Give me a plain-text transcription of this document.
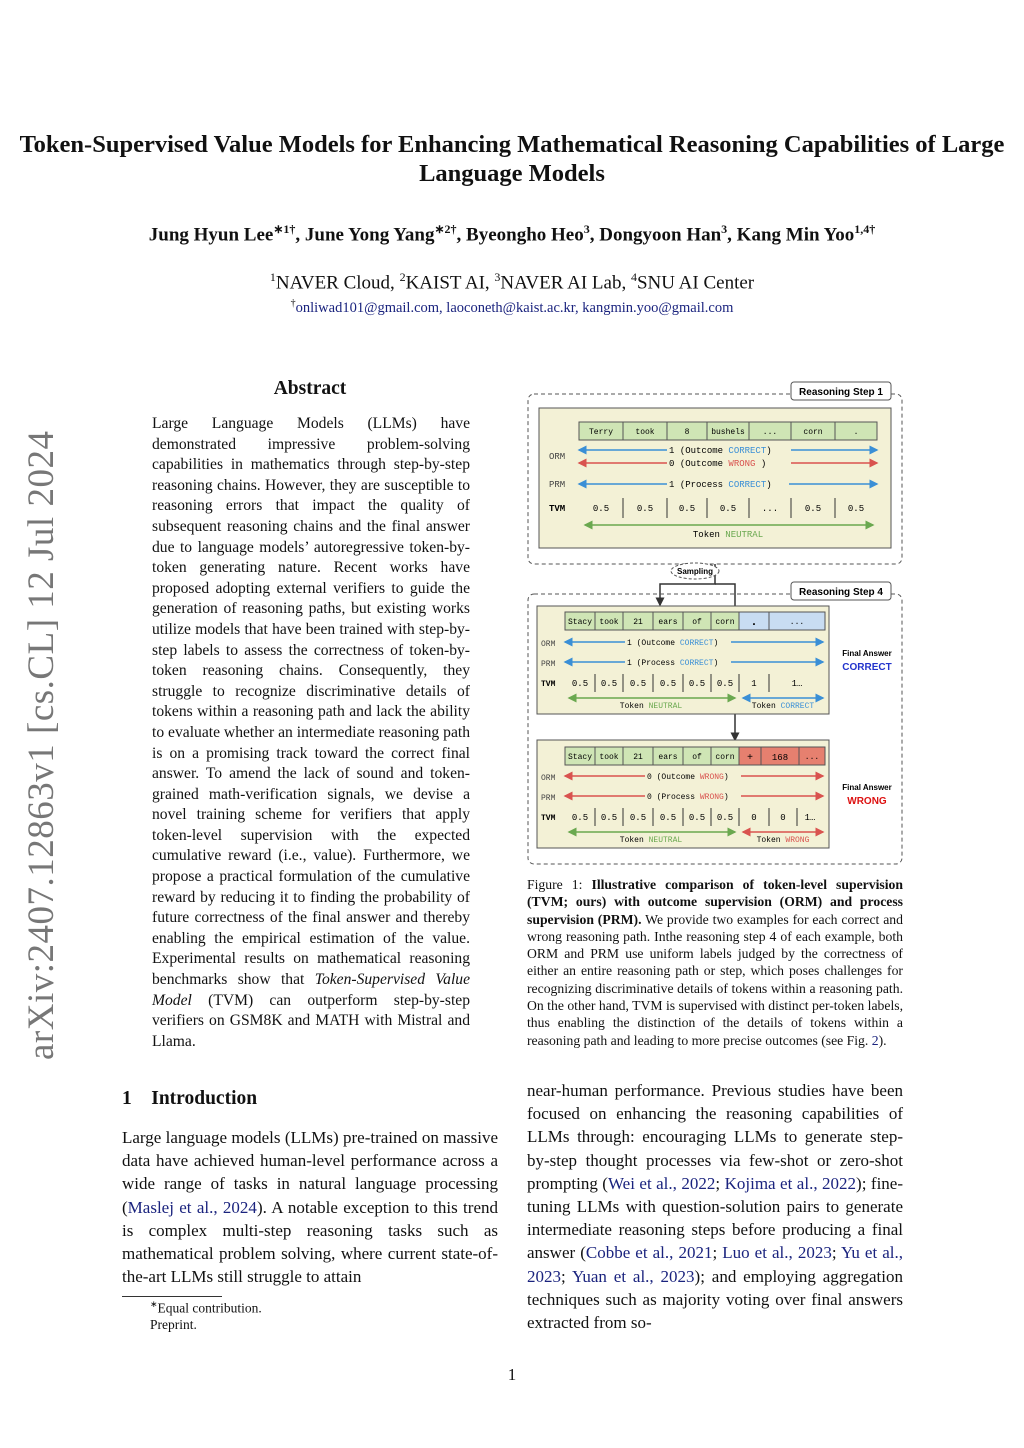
Token-Supervised Value Models for Enhancing Mathematical Reasoning Capabilities of Large Language Models
Jung Hyun Lee$^{∗1\dagger}$, June Yong Yang$^{∗2\dagger}$, Byeongho Heo$^3$, Dongyoon Han$^3$, Kang Min Yoo$^{1,4\dagger}$
$^1$NAVER Cloud, $^2$KAIST AI, $^3$NAVER AI Lab, $^4$SNU AI Center
†onliwad101@gmail.com, laoconeth@kaist.ac.kr, kangmin.yoo@gmail.com
arXiv:2407.12863v1 [cs.CL] 12 Jul 2024
Abstract
Large Language Models (LLMs) have demonstrated impressive problem-solving capabilities in mathematics through step-by-step reasoning chains. However, they are susceptible to reasoning errors that impact the quality of subsequent reasoning chains and the final answer due to language models’ autoregressive token-by-token generating nature. Recent works have proposed adopting external verifiers to guide the generation of reasoning paths, but existing works utilize models that have been trained with step-by-step labels to assess the correctness of token-by-token reasoning chains. Consequently, they struggle to recognize discriminative details of tokens within a reasoning path and lack the ability to evaluate whether an intermediate reasoning path is on a promising track toward the correct final answer. To amend the lack of sound and token-grained math-verification signals, we devise a novel training scheme for verifiers that apply token-level supervision with the expected cumulative reward (i.e., value). Furthermore, we propose a practical formulation of the cumulative reward by reducing it to finding the probability of future correctness of the final answer and thereby enabling the empirical estimation of the value. Experimental results on mathematical reasoning benchmarks show that Token-Supervised Value Model (TVM) can outperform step-by-step verifiers on GSM8K and MATH with Mistral and Llama.
1 Introduction
Large language models (LLMs) pre-trained on massive data have achieved human-level performance across a wide range of tasks in natural language processing (Maslej et al., 2024). A notable exception to this trend is complex multi-step reasoning tasks such as mathematical problem solving, where current state-of-the-art LLMs still struggle to attain
∗Equal contribution.
Preprint.
Reasoning Step 1
Terry	took	8	bushels ...	corn	.
ORM
1 (Outcome CORRECT)
0 (Outcome WRONG )
PRM	1 (Process CORRECT)
TVM	0.5	0.5	0.5	0.5	...	0.5	0.5
Token NEUTRAL
Sampling
Reasoning Step 4
Stacy took 21 ears of corn .	...
ORM	1 (Outcome CORRECT)
PRM	1 (Process CORRECT)
TVM 0.5 0.5 0.5 0.5 0.5 0.5 1	1…
Token NEUTRAL	Token CORRECT
Final Answer
CORRECT
Stacy took 21 ears of corn + 168 ...
ORM	0 (Outcome WRONG)
PRM	0 (Process WRONG)
TVM 0.5 0.5 0.5 0.5 0.5 0.5 0	0 1…
Token NEUTRAL	Token WRONG
Final Answer
WRONG
Figure 1: Illustrative comparison of token-level supervision (TVM; ours) with outcome supervision (ORM) and process supervision (PRM). We provide two examples for each correct and wrong reasoning path. Inthe reasoning step 4 of each example, both ORM and PRM use uniform labels judged by the correctness of either an entire reasoning path or step, which poses challenges for recognizing discriminative details of tokens within a reasoning path. On the other hand, TVM is supervised with distinct per-token labels, thus enabling the distinction of the details of tokens within a reasoning path and leading to more precise outcomes (see Fig. 2).
near-human performance. Previous studies have been focused on enhancing the reasoning capabilities of LLMs through: encouraging LLMs to generate step-by-step thought processes via few-shot or zero-shot prompting (Wei et al., 2022; Kojima et al., 2022); fine-tuning LLMs with question-solution pairs to generate intermediate reasoning steps before producing a final answer (Cobbe et al., 2021; Luo et al., 2023; Yu et al., 2023; Yuan et al., 2023); and employing aggregation techniques such as majority voting over final answers extracted from so-
1
